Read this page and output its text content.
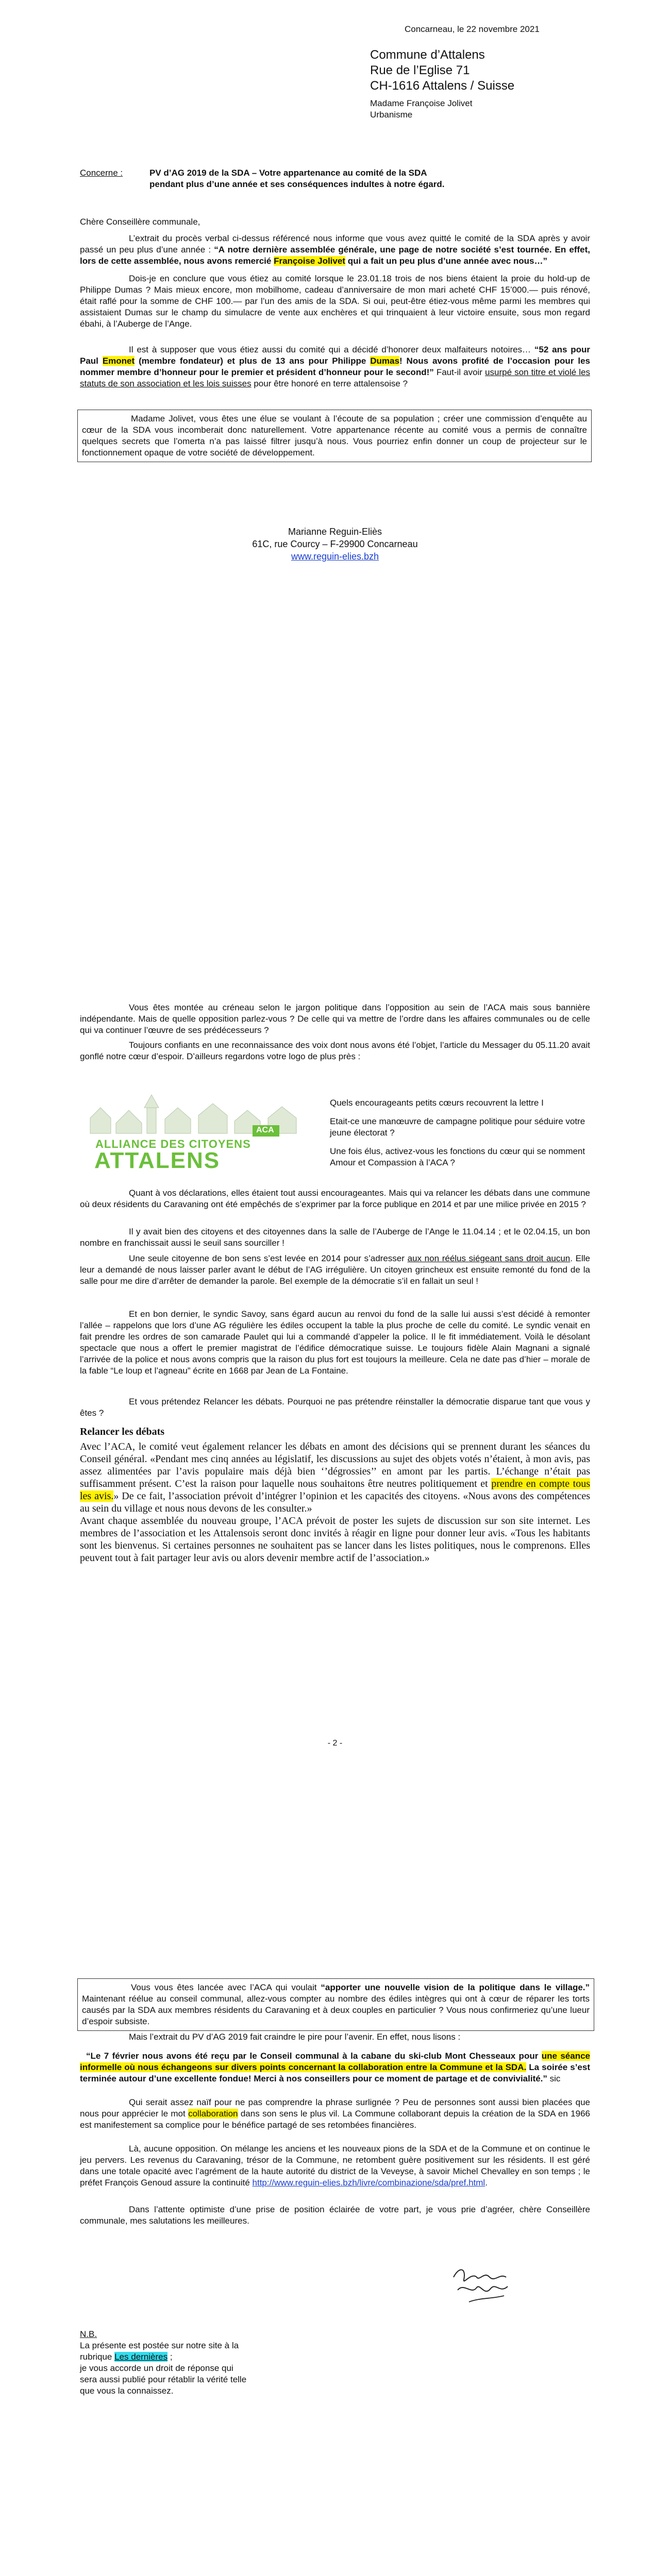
Concarneau, le 22 novembre 2021
Commune d’Attalens
Rue de l’Eglise 71
CH-1616 Attalens / Suisse
Madame Françoise Jolivet
Urbanisme
Concerne :	PV d’AG 2019 de la SDA – Votre appartenance au comité de la SDA
pendant plus d’une année et ses conséquences indultes à notre égard.
Chère Conseillère communale,
L’extrait du procès verbal ci-dessus référencé nous informe que vous avez quitté le comité de la SDA après y avoir passé un peu plus d’une année : “A notre dernière assemblée générale, une page de notre société s’est tournée. En effet, lors de cette assemblée, nous avons remercié Françoise Jolivet qui a fait un peu plus d’une année avec nous…”
Dois-je en conclure que vous étiez au comité lorsque le 23.01.18 trois de nos biens étaient la proie du hold-up de Philippe Dumas ? Mais mieux encore, mon mobilhome, cadeau d’anniversaire de mon mari acheté CHF 15’000.— puis rénové, était raflé pour la somme de CHF 100.— par l’un des amis de la SDA. Si oui, peut-être étiez-vous même parmi les membres qui assistaient Dumas sur le champ du simulacre de vente aux enchères et qui trinquaient à leur victoire ensuite, sous mon regard ébahi, à l’Auberge de l’Ange.
Il est à supposer que vous étiez aussi du comité qui a décidé d’honorer deux malfaiteurs notoires… “52 ans pour Paul Emonet (membre fondateur) et plus de 13 ans pour Philippe Dumas! Nous avons profité de l’occasion pour les nommer membre d’honneur pour le premier et président d’honneur pour le second!” Faut-il avoir usurpé son titre et violé les statuts de son association et les lois suisses pour être honoré en terre attalensoise ?
Madame Jolivet, vous êtes une élue se voulant à l’écoute de sa population ; créer une commission d’enquête au cœur de la SDA vous incomberait donc naturellement. Votre appartenance récente au comité vous a permis de connaître quelques secrets que l’omerta n’a pas laissé filtrer jusqu’à nous. Vous pourriez enfin donner un coup de projecteur sur le fonctionnement opaque de votre société de développement.
Marianne Reguin-Eliès
61C, rue Courcy – F-29900 Concarneau
www.reguin-elies.bzh
Vous êtes montée au créneau selon le jargon politique dans l’opposition au sein de l’ACA mais sous bannière indépendante. Mais de quelle opposition parlez-vous ? De celle qui va mettre de l’ordre dans les affaires communales ou de celle qui va continuer l’œuvre de ses prédécesseurs ?
Toujours confiants en une reconnaissance des voix dont nous avons été l’objet, l’article du Messager du 05.11.20 avait gonflé notre cœur d’espoir. D’ailleurs regardons votre logo de plus près :
ACA
ALLIANCE DES CITOYENS
ATTALENS
Quels encourageants petits cœurs recouvrent la lettre I
Etait-ce une manœuvre de campagne politique pour séduire votre jeune électorat ?
Une fois élus, activez-vous les fonctions du cœur qui se nomment Amour et Compassion à l’ACA ?
Quant à vos déclarations, elles étaient tout aussi encourageantes. Mais qui va relancer les débats dans une commune où deux résidents du Caravaning ont été empêchés de s’exprimer par la force publique en 2014 et par une milice privée en 2015 ?
Il y avait bien des citoyens et des citoyennes dans la salle de l’Auberge de l’Ange le 11.04.14 ; et le 02.04.15, un bon nombre en franchissait aussi le seuil sans sourciller !
Une seule citoyenne de bon sens s’est levée en 2014 pour s’adresser aux non réélus siégeant sans droit aucun. Elle leur a demandé de nous laisser parler avant le début de l’AG irrégulière. Un citoyen grincheux est ensuite remonté du fond de la salle pour me dire d’arrêter de demander la parole. Bel exemple de la démocratie s’il en fallait un seul !
Et en bon dernier, le syndic Savoy, sans égard aucun au renvoi du fond de la salle lui aussi s’est décidé à remonter l’allée – rappelons que lors d’une AG régulière les édiles occupent la table la plus proche de celle du comité. Le syndic venait en fait prendre les ordres de son camarade Paulet qui lui a commandé d’appeler la police. Il le fit immédiatement. Voilà le désolant spectacle que nous a offert le premier magistrat de l’édifice démocratique suisse. Le toujours fidèle Alain Magnani a signalé l’arrivée de la police et nous avons compris que la raison du plus fort est toujours la meilleure. Cela ne date pas d’hier – morale de la fable “Le loup et l’agneau” écrite en 1668 par Jean de La Fontaine.
Et vous prétendez Relancer les débats. Pourquoi ne pas prétendre réinstaller la démocratie disparue tant que vous y êtes ?
Relancer les débats
Avec l’ACA, le comité veut également relancer les débats en amont des décisions qui se prennent durant les séances du Conseil général. «Pendant mes cinq années au législatif, les discussions au sujet des objets votés n’étaient, à mon avis, pas assez alimentées par l’avis populaire mais déjà bien ‘’dégrossies’’ en amont par les partis. L’échange n’était pas suffisamment présent. C’est la raison pour laquelle nous souhaitons être neutres politiquement et prendre en compte tous les avis.» De ce fait, l’association prévoit d’intégrer l’opinion et les capacités des citoyens. «Nous avons des compétences au sein du village et nous nous devons de les consulter.»
Avant chaque assemblée du nouveau groupe, l’ACA prévoit de poster les sujets de discussion sur son site internet. Les membres de l’association et les Attalensois seront donc invités à réagir en ligne pour donner leur avis. «Tous les habitants sont les bienvenus. Si certaines personnes ne souhaitent pas se lancer dans les listes politiques, nous le comprenons. Elles peuvent tout à fait partager leur avis ou alors devenir membre actif de l’association.»
- 2 -
Vous vous êtes lancée avec l’ACA qui voulait “apporter une nouvelle vision de la politique dans le village.” Maintenant réélue au conseil communal, allez-vous compter au nombre des édiles intègres qui ont à cœur de réparer les torts causés par la SDA aux membres résidents du Caravaning et à deux couples en particulier ? Vous nous confirmeriez qu’une lueur d’espoir subsiste.
Mais l’extrait du PV d’AG 2019 fait craindre le pire pour l’avenir. En effet, nous lisons :
“Le 7 février nous avons été reçu par le Conseil communal à la cabane du ski-club Mont Chesseaux pour une séance informelle où nous échangeons sur divers points concernant la collaboration entre la Commune et la SDA. La soirée s’est terminée autour d’une excellente fondue! Merci à nos conseillers pour ce moment de partage et de convivialité.” sic
Qui serait assez naïf pour ne pas comprendre la phrase surlignée ? Peu de personnes sont aussi bien placées que nous pour apprécier le mot collaboration dans son sens le plus vil. La Commune collaborant depuis la création de la SDA en 1966 est manifestement sa complice pour le bénéfice partagé de ses retombées financières.
Là, aucune opposition. On mélange les anciens et les nouveaux pions de la SDA et de la Commune et on continue le jeu pervers. Les revenus du Caravaning, trésor de la Commune, ne retombent guère positivement sur les résidents. Il est géré dans une totale opacité avec l’agrément de la haute autorité du district de la Veveyse, à savoir Michel Chevalley en son temps ; le préfet François Genoud assure la continuité http://www.reguin-elies.bzh/livre/combinazione/sda/pref.html.
Dans l’attente optimiste d’une prise de position éclairée de votre part, je vous prie d’agréer, chère Conseillère communale, mes salutations les meilleures.
N.B.
La présente est postée sur notre site à la
rubrique Les dernières ;
je vous accorde un droit de réponse qui
sera aussi publié pour rétablir la vérité telle
que vous la connaissez.
